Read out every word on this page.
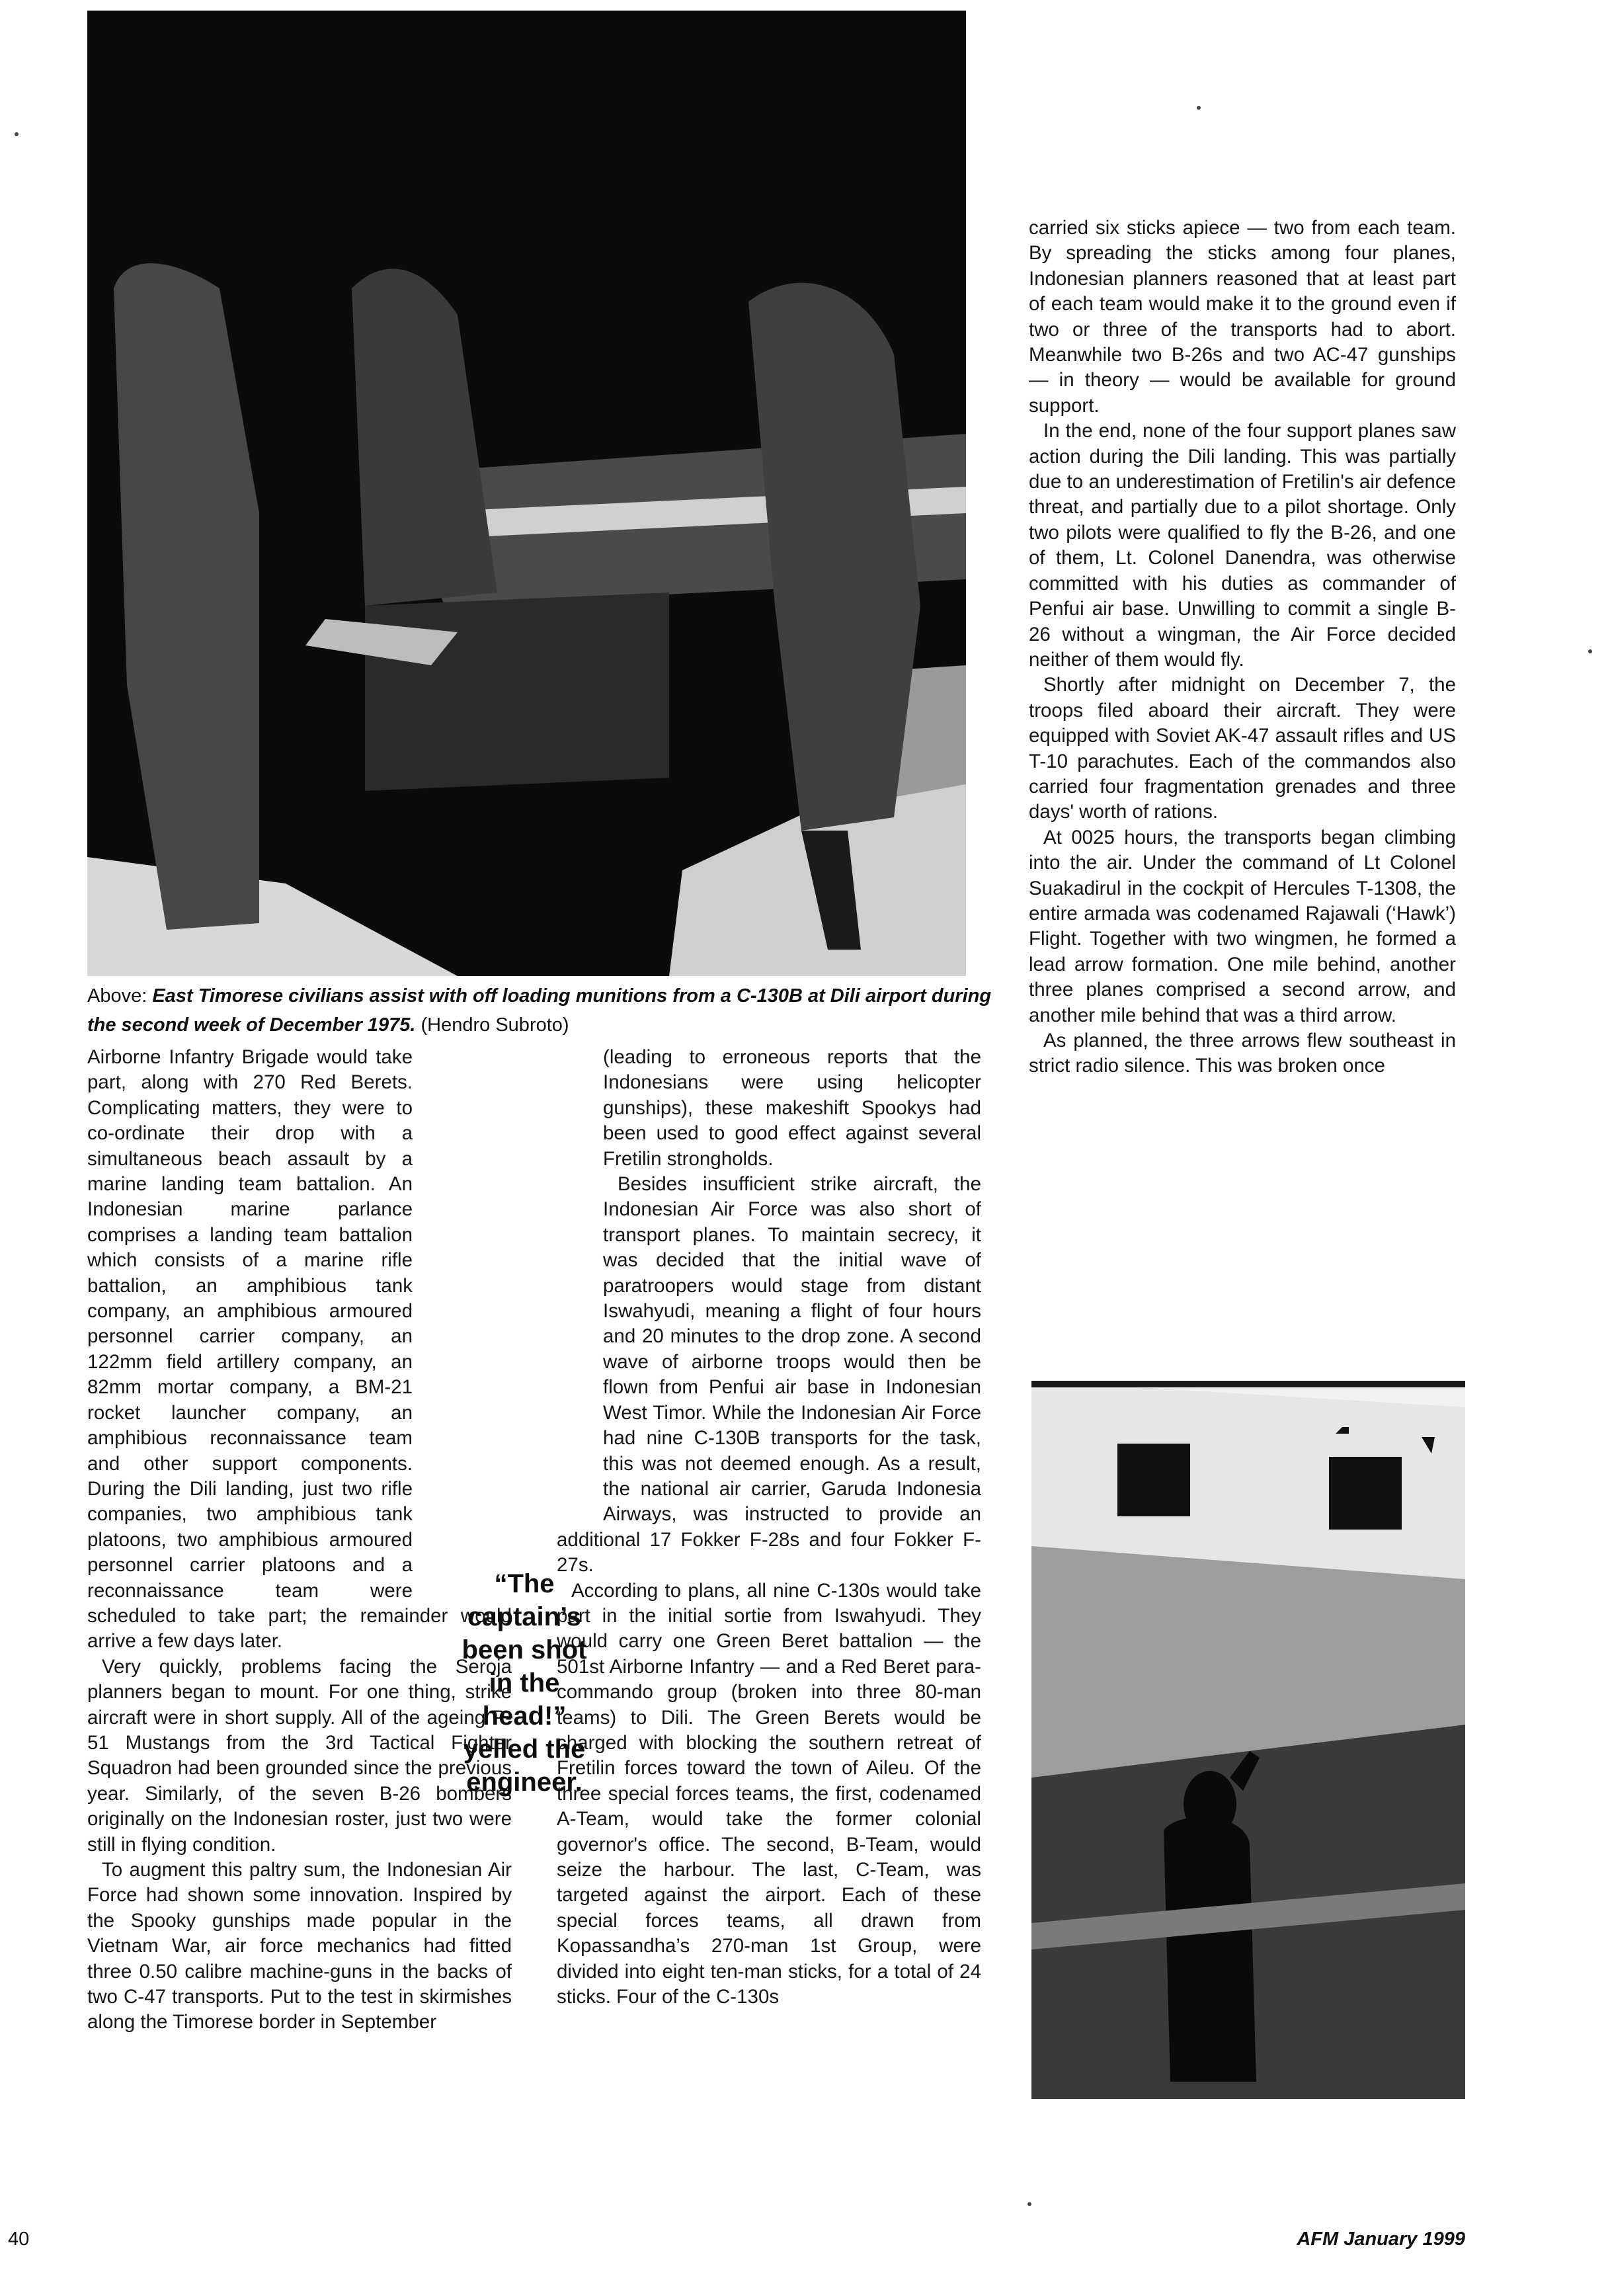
Above: East Timorese civilians assist with off loading munitions from a C-130B at Dili airport during the second week of December 1975. (Hendro Subroto)

Airborne Infantry Brigade would take part, along with 270 Red Berets. Complicating matters, they were to co-ordinate their drop with a simultaneous beach assault by a marine landing team battalion. An Indonesian marine parlance comprises a landing team battalion which consists of a marine rifle battalion, an amphibious tank company, an amphibious armoured personnel carrier company, an 122mm field artillery company, an 82mm mortar company, a BM-21 rocket launcher company, an amphibious reconnaissance team and other support components. During the Dili landing, just two rifle companies, two amphibious tank platoons, two amphibious armoured personnel carrier platoons and a reconnaissance team were scheduled to take part; the remainder would arrive a few days later.

Very quickly, problems facing the Seroja planners began to mount. For one thing, strike aircraft were in short supply. All of the ageing P-51 Mustangs from the 3rd Tactical Fighter Squadron had been grounded since the previous year. Similarly, of the seven B-26 bombers originally on the Indonesian roster, just two were still in flying condition.

To augment this paltry sum, the Indonesian Air Force had shown some innovation. Inspired by the Spooky gunships made popular in the Vietnam War, air force mechanics had fitted three 0.50 calibre machine-guns in the backs of two C-47 transports. Put to the test in skirmishes along the Timorese border in September

(leading to erroneous reports that the Indonesians were using helicopter gunships), these makeshift Spookys had been used to good effect against several Fretilin strongholds.

Besides insufficient strike aircraft, the Indonesian Air Force was also short of transport planes. To maintain secrecy, it was decided that the initial wave of paratroopers would stage from distant Iswahyudi, meaning a flight of four hours and 20 minutes to the drop zone. A second wave of airborne troops would then be flown from Penfui air base in Indonesian West Timor. While the Indonesian Air Force had nine C-130B transports for the task, this was not deemed enough. As a result, the national air carrier, Garuda Indonesia Airways, was instructed to provide an additional 17 Fokker F-28s and four Fokker F-27s.

According to plans, all nine C-130s would take part in the initial sortie from Iswahyudi. They would carry one Green Beret battalion — the 501st Airborne Infantry — and a Red Beret para- commando group (broken into three 80-man teams) to Dili. The Green Berets would be charged with blocking the southern retreat of Fretilin forces toward the town of Aileu. Of the three special forces teams, the first, codenamed A-Team, would take the former colonial governor's office. The second, B-Team, would seize the harbour. The last, C-Team, was targeted against the airport. Each of these special forces teams, all drawn from Kopassandha’s 270-man 1st Group, were divided into eight ten-man sticks, for a total of 24 sticks. Four of the C-130s

“The captain’s been shot in the head!” yelled the engineer.

carried six sticks apiece — two from each team. By spreading the sticks among four planes, Indonesian planners reasoned that at least part of each team would make it to the ground even if two or three of the transports had to abort. Meanwhile two B-26s and two AC-47 gunships — in theory — would be available for ground support.

In the end, none of the four support planes saw action during the Dili landing. This was partially due to an underestimation of Fretilin's air defence threat, and partially due to a pilot shortage. Only two pilots were qualified to fly the B-26, and one of them, Lt. Colonel Danendra, was otherwise committed with his duties as commander of Penfui air base. Unwilling to commit a single B-26 without a wingman, the Air Force decided neither of them would fly.

Shortly after midnight on December 7, the troops filed aboard their aircraft. They were equipped with Soviet AK-47 assault rifles and US T-10 parachutes. Each of the commandos also carried four fragmentation grenades and three days' worth of rations.

At 0025 hours, the transports began climbing into the air. Under the command of Lt Colonel Suakadirul in the cockpit of Hercules T-1308, the entire armada was codenamed Rajawali (‘Hawk’) Flight. Together with two wingmen, he formed a lead arrow formation. One mile behind, another three planes comprised a second arrow, and another mile behind that was a third arrow.

As planned, the three arrows flew southeast in strict radio silence. This was broken once

40	AFM January 1999
